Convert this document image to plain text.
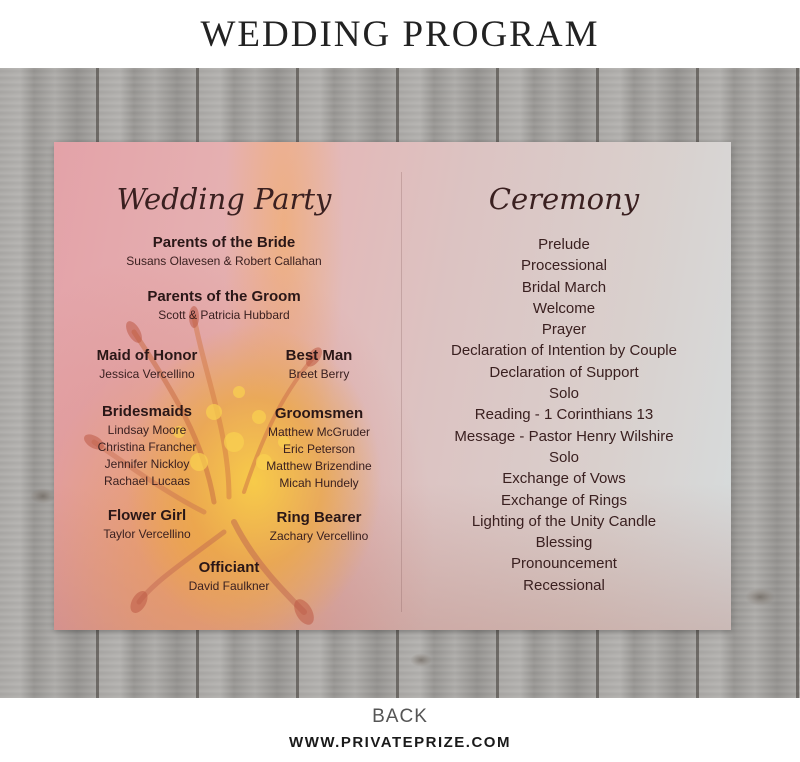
WEDDING PROGRAM
Wedding Party
Parents of the Bride
Susans Olavesen & Robert Callahan
Parents of the Groom
Scott & Patricia Hubbard
Maid of Honor
Jessica Vercellino
Best Man
Breet Berry
Bridesmaids
Lindsay Moore
Christina Francher
Jennifer Nickloy
Rachael Lucaas
Groomsmen
Matthew McGruder
Eric Peterson
Matthew Brizendine
Micah Hundely
Flower Girl
Taylor Vercellino
Ring Bearer
Zachary Vercellino
Officiant
David Faulkner
Ceremony
Prelude
Processional
Bridal March
Welcome
Prayer
Declaration of Intention by Couple
Declaration of Support
Solo
Reading - 1 Corinthians 13
Message - Pastor Henry Wilshire
Solo
Exchange of Vows
Exchange of Rings
Lighting of the Unity Candle
Blessing
Pronouncement
Recessional
BACK
WWW.PRIVATEPRIZE.COM
